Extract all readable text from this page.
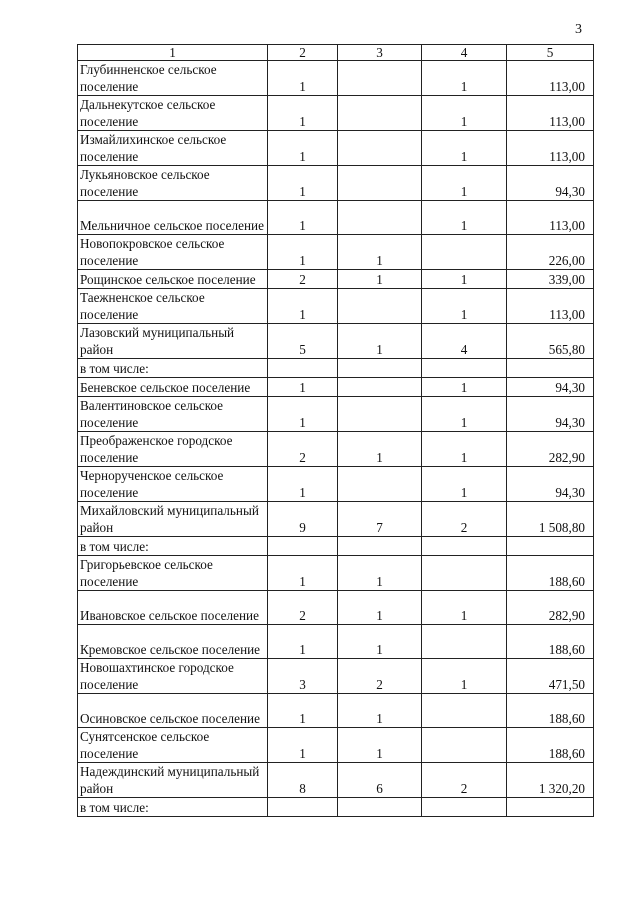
3
1	2	3	4	5
Глубинненское сельское поселение	1		1	113,00
Дальнекутское сельское поселение	1		1	113,00
Измайлихинское сельское поселение	1		1	113,00
Лукьяновское сельское поселение	1		1	94,30
Мельничное сельское поселение	1		1	113,00
Новопокровское сельское поселение	1	1		226,00
Рощинское сельское поселение	2	1	1	339,00
Таежненское сельское поселение	1		1	113,00
Лазовский муниципальный район	5	1	4	565,80
в том числе:				
Беневское сельское поселение	1		1	94,30
Валентиновское сельское поселение	1		1	94,30
Преображенское городское поселение	2	1	1	282,90
Черноручeнское сельское поселение	1		1	94,30
Михайловский муниципальный район	9	7	2	1 508,80
в том числе:				
Григорьевское сельское поселение	1	1		188,60
Ивановское сельское поселение	2	1	1	282,90
Кремовское сельское поселение	1	1		188,60
Новошахтинское городское поселение	3	2	1	471,50
Осиновское сельское поселение	1	1		188,60
Сунятсенское сельское поселение	1	1		188,60
Надеждинский муниципальный район	8	6	2	1 320,20
в том числе:				
